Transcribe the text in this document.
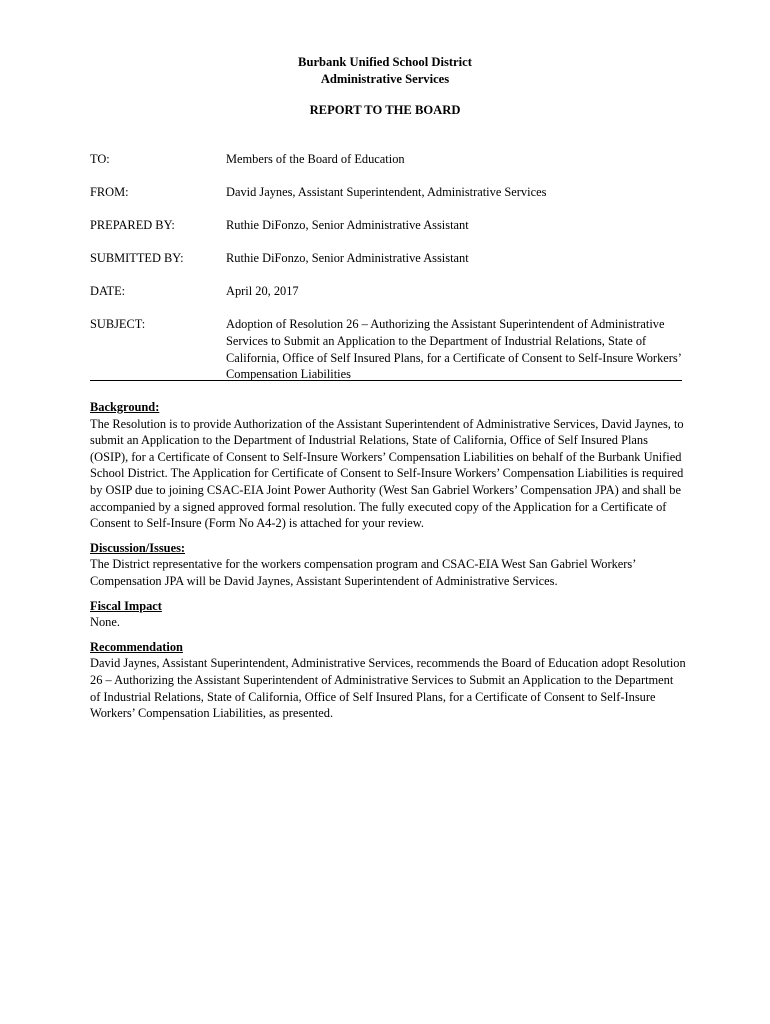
Burbank Unified School District
Administrative Services
REPORT TO THE BOARD
TO:	Members of the Board of Education
FROM:	David Jaynes, Assistant Superintendent, Administrative Services
PREPARED BY:	Ruthie DiFonzo, Senior Administrative Assistant
SUBMITTED BY:	Ruthie DiFonzo, Senior Administrative Assistant
DATE:	April 20, 2017
SUBJECT:	Adoption of Resolution 26 – Authorizing the Assistant Superintendent of Administrative Services to Submit an Application to the Department of Industrial Relations, State of California, Office of Self Insured Plans, for a Certificate of Consent to Self-Insure Workers’ Compensation Liabilities
Background:
The Resolution is to provide Authorization of the Assistant Superintendent of Administrative Services, David Jaynes, to submit an Application to the Department of Industrial Relations, State of California, Office of Self Insured Plans (OSIP), for a Certificate of Consent to Self-Insure Workers’ Compensation Liabilities on behalf of the Burbank Unified School District. The Application for Certificate of Consent to Self-Insure Workers’ Compensation Liabilities is required by OSIP due to joining CSAC-EIA Joint Power Authority (West San Gabriel Workers’ Compensation JPA) and shall be accompanied by a signed approved formal resolution. The fully executed copy of the Application for a Certificate of Consent to Self-Insure (Form No A4-2) is attached for your review.
Discussion/Issues:
The District representative for the workers compensation program and CSAC-EIA West San Gabriel Workers’ Compensation JPA will be David Jaynes, Assistant Superintendent of Administrative Services.
Fiscal Impact
None.
Recommendation
David Jaynes, Assistant Superintendent, Administrative Services, recommends the Board of Education adopt Resolution 26 – Authorizing the Assistant Superintendent of Administrative Services to Submit an Application to the Department of Industrial Relations, State of California, Office of Self Insured Plans, for a Certificate of Consent to Self-Insure Workers’ Compensation Liabilities, as presented.
